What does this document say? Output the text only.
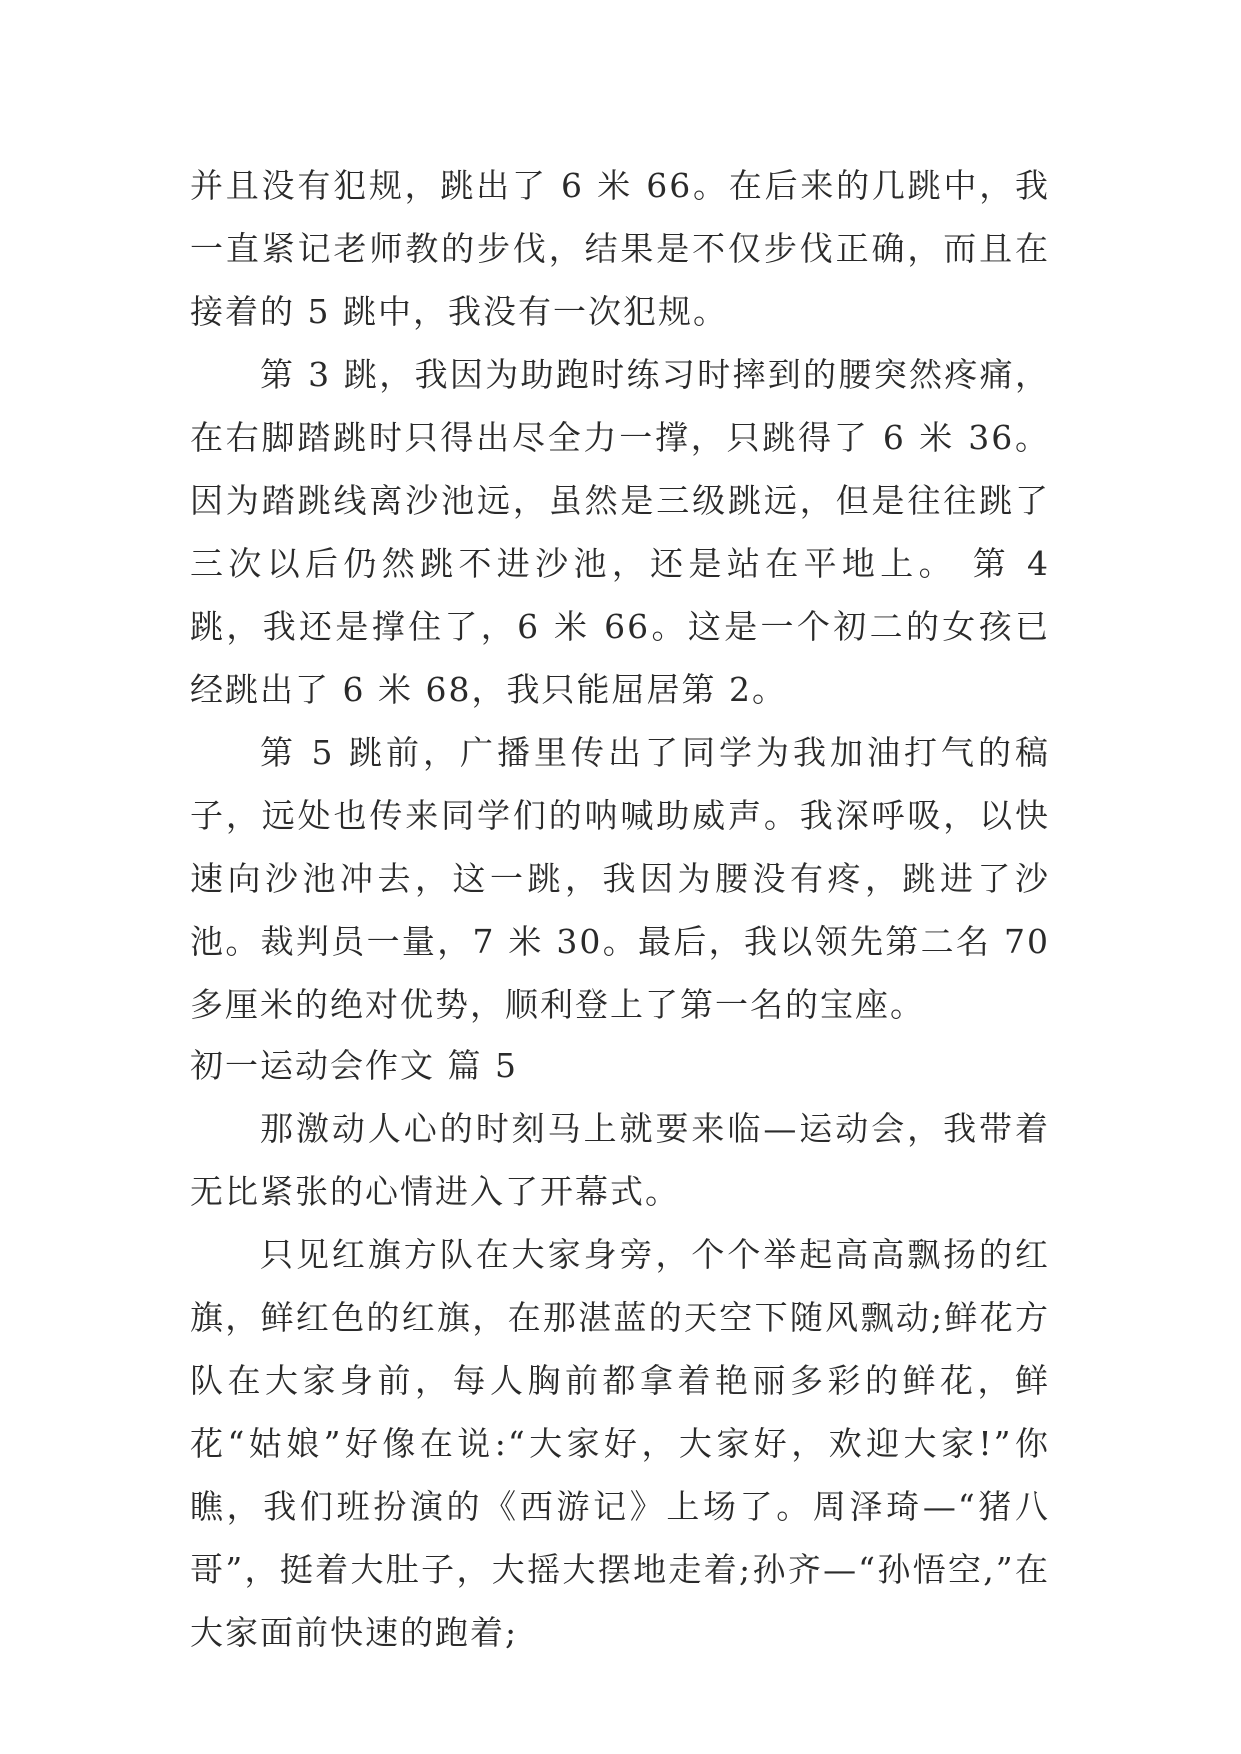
并且没有犯规，跳出了 6 米 66。在后来的几跳中，我一直紧记老师教的步伐，结果是不仅步伐正确，而且在接着的 5 跳中，我没有一次犯规。

第 3 跳，我因为助跑时练习时摔到的腰突然疼痛，在右脚踏跳时只得出尽全力一撑，只跳得了 6 米 36。因为踏跳线离沙池远，虽然是三级跳远，但是往往跳了三次以后仍然跳不进沙池，还是站在平地上。 第 4 跳，我还是撑住了，6 米 66。这是一个初二的女孩已经跳出了 6 米 68，我只能屈居第 2。

第 5 跳前，广播里传出了同学为我加油打气的稿子，远处也传来同学们的呐喊助威声。我深呼吸，以快速向沙池冲去，这一跳，我因为腰没有疼，跳进了沙池。裁判员一量，7 米 30。最后，我以领先第二名 70 多厘米的绝对优势，顺利登上了第一名的宝座。

初一运动会作文 篇 5

那激动人心的时刻马上就要来临—运动会，我带着无比紧张的心情进入了开幕式。

只见红旗方队在大家身旁，个个举起高高飘扬的红旗，鲜红色的红旗，在那湛蓝的天空下随风飘动;鲜花方队在大家身前，每人胸前都拿着艳丽多彩的鲜花，鲜花“姑娘”好像在说:“大家好，大家好，欢迎大家!”你瞧，我们班扮演的《西游记》上场了。周泽琦—“猪八哥”，挺着大肚子，大摇大摆地走着;孙齐—“孙悟空,”在大家面前快速的跑着;
